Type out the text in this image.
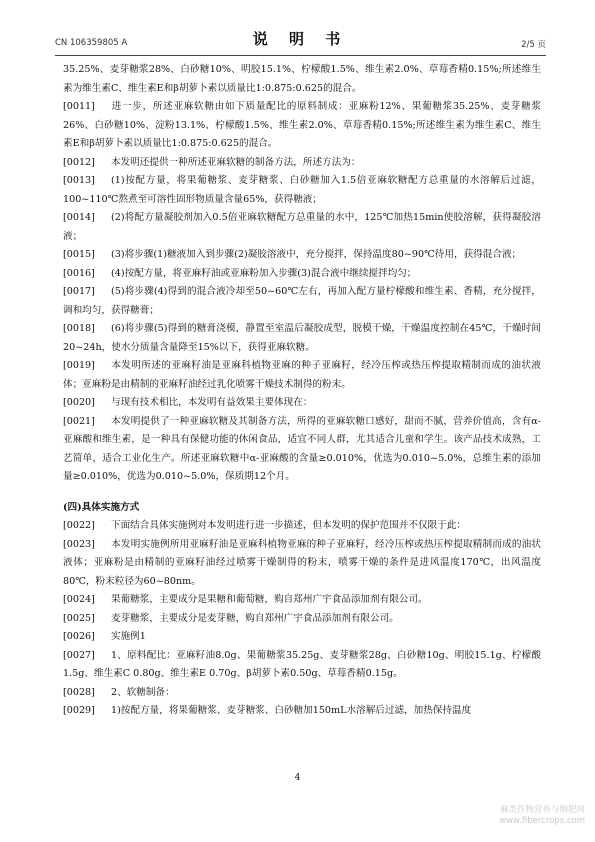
CN 106359805 A	说 明 书	2/5 页

35.25%、麦芽糖浆28%、白砂糖10%、明胶15.1%、柠檬酸1.5%、维生素2.0%、草莓香精0.15%;所述维生素为维生素C、维生素E和β胡萝卜素以质量比1:0.875:0.625的混合。

[0011] 进一步，所述亚麻软糖由如下质量配比的原料制成：亚麻粉12%、果葡糖浆35.25%、麦芽糖浆26%、白砂糖10%、淀粉13.1%、柠檬酸1.5%、维生素2.0%、草莓香精0.15%;所述维生素为维生素C、维生素E和β胡萝卜素以质量比1:0.875:0.625的混合。

[0012] 本发明还提供一种所述亚麻软糖的制备方法，所述方法为：

[0013] (1)按配方量，将果葡糖浆、麦芽糖浆、白砂糖加入1.5倍亚麻软糖配方总重量的水溶解后过滤，100~110℃熬煮至可溶性固形物质量含量65%，获得糖液；

[0014] (2)将配方量凝胶剂加入0.5倍亚麻软糖配方总重量的水中，125℃加热15min使胶溶解，获得凝胶溶液；

[0015] (3)将步骤(1)糖液加入到步骤(2)凝胶溶液中，充分搅拌，保持温度80~90℃待用，获得混合液；

[0016] (4)按配方量，将亚麻籽油或亚麻粉加入步骤(3)混合液中继续搅拌均匀；

[0017] (5)将步骤(4)得到的混合液冷却至50~60℃左右，再加入配方量柠檬酸和维生素、香精，充分搅拌，调和均匀，获得糖膏；

[0018] (6)将步骤(5)得到的糖膏浇模，静置至室温后凝胶成型，脱模干燥，干燥温度控制在45℃，干燥时间20~24h，使水分质量含量降至15%以下，获得亚麻软糖。

[0019] 本发明所述的亚麻籽油是亚麻科植物亚麻的种子亚麻籽，经冷压榨或热压榨提取精制而成的油状液体；亚麻粉是由精制的亚麻籽油经过乳化喷雾干燥技术制得的粉末。

[0020] 与现有技术相比，本发明有益效果主要体现在：

[0021] 本发明提供了一种亚麻软糖及其制备方法，所得的亚麻软糖口感好，甜而不腻，营养价值高，含有α-亚麻酸和维生素，是一种具有保健功能的休闲食品，适宜不同人群，尤其适合儿童和学生。该产品技术成熟，工艺简单，适合工业化生产。所述亚麻软糖中α-亚麻酸的含量≥0.010%，优选为0.010~5.0%，总维生素的添加量≥0.010%，优选为0.010~5.0%，保质期12个月。

(四)具体实施方式

[0022] 下面结合具体实施例对本发明进行进一步描述，但本发明的保护范围并不仅限于此：

[0023] 本发明实施例所用亚麻籽油是亚麻科植物亚麻的种子亚麻籽，经冷压榨或热压榨提取精制而成的油状液体；亚麻粉是由精制的亚麻籽油经过喷雾干燥制得的粉末，喷雾干燥的条件是进风温度170℃，出风温度80℃，粉末粒径为60~80nm。

[0024] 果葡糖浆，主要成分是果糖和葡萄糖，购自郑州广宇食品添加剂有限公司。

[0025] 麦芽糖浆，主要成分是麦芽糖，购自郑州广宇食品添加剂有限公司。

[0026] 实施例1

[0027] 1、原料配比：亚麻籽油8.0g、果葡糖浆35.25g、麦芽糖浆28g、白砂糖10g、明胶15.1g、柠檬酸1.5g、维生素C 0.80g、维生素E 0.70g、β胡萝卜素0.50g、草莓香精0.15g。

[0028] 2、软糖制备：

[0029] 1)按配方量，将果葡糖浆、麦芽糖浆、白砂糖加150mL水溶解后过滤，加热保持温度

4
麻类作物营养与纳肥网
www.fibercrops.com
